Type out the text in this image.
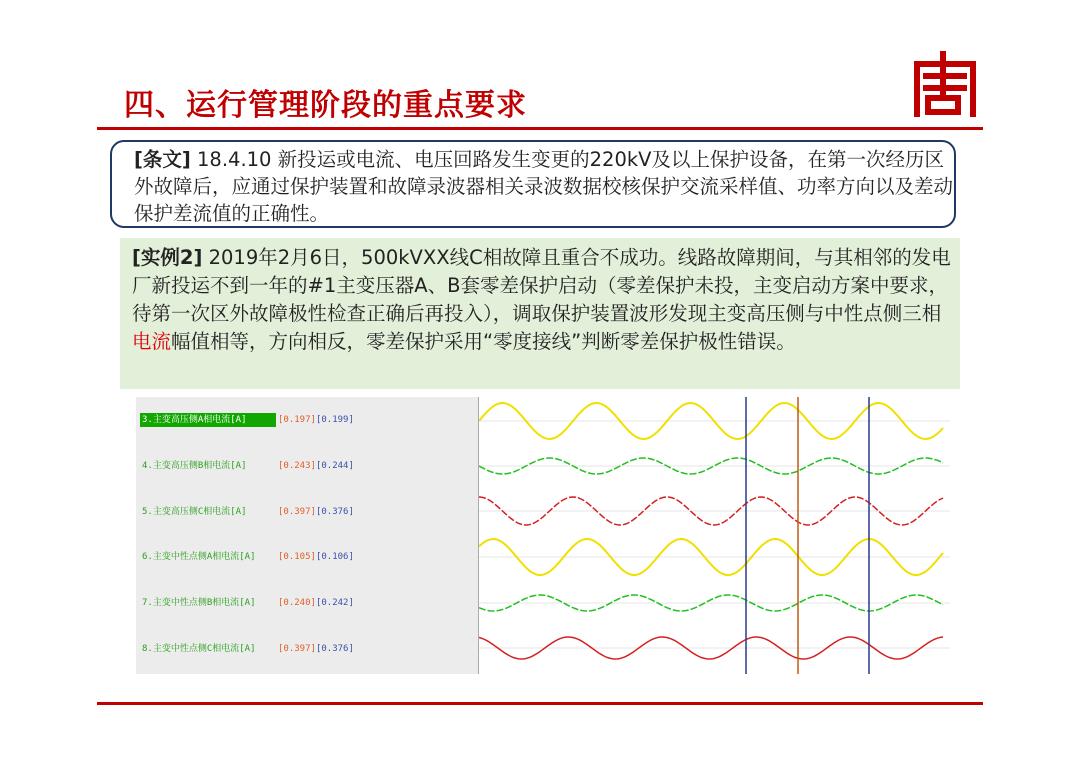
四、运行管理阶段的重点要求
[条文] 18.4.10 新投运或电流、电压回路发生变更的220kV及以上保护设备，在第一次经历区外故障后，应通过保护装置和故障录波器相关录波数据校核保护交流采样值、功率方向以及差动保护差流值的正确性。
[实例2] 2019年2月6日，500kVXX线C相故障且重合不成功。线路故障期间，与其相邻的发电厂新投运不到一年的#1主变压器A、B套零差保护启动（零差保护未投，主变启动方案中要求，待第一次区外故障极性检查正确后再投入），调取保护装置波形发现主变高压侧与中性点侧三相电流幅值相等，方向相反，零差保护采用“零度接线”判断零差保护极性错误。
3.主变高压侧A相电流[A]	[0.197][0.199]
4.主变高压侧B相电流[A]	[0.243][0.244]
5.主变高压侧C相电流[A]	[0.397][0.376]
6.主变中性点侧A相电流[A] [0.105][0.106]
7.主变中性点侧B相电流[A] [0.240][0.242]
8.主变中性点侧C相电流[A] [0.397][0.376]
